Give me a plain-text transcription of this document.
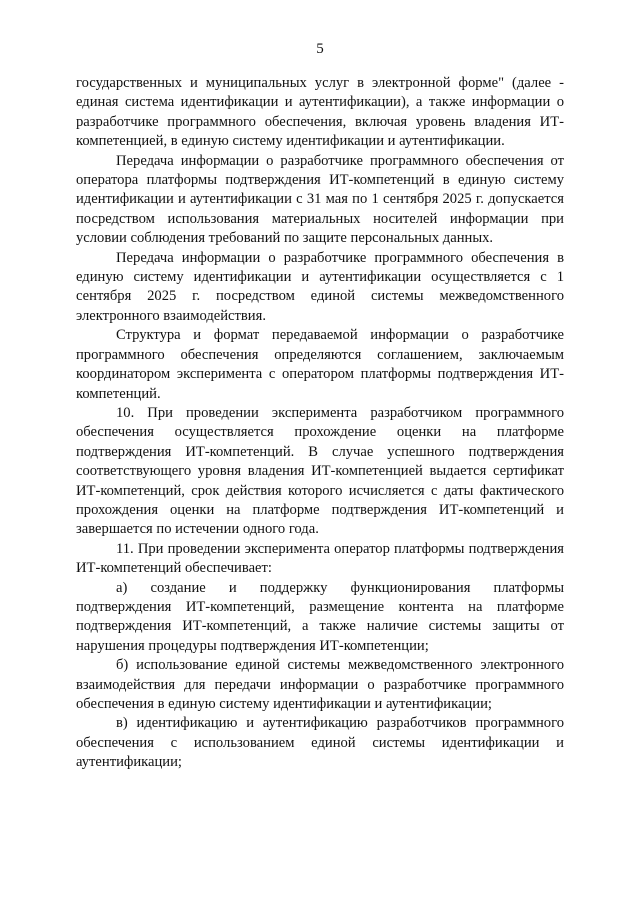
5

государственных и муниципальных услуг в электронной форме" (далее - единая система идентификации и аутентификации), а также информации о разработчике программного обеспечения, включая уровень владения ИТ-компетенцией, в единую систему идентификации и аутентификации.

Передача информации о разработчике программного обеспечения от оператора платформы подтверждения ИТ-компетенций в единую систему идентификации и аутентификации с 31 мая по 1 сентября 2025 г. допускается посредством использования материальных носителей информации при условии соблюдения требований по защите персональных данных.

Передача информации о разработчике программного обеспечения в единую систему идентификации и аутентификации осуществляется с 1 сентября 2025 г. посредством единой системы межведомственного электронного взаимодействия.

Структура и формат передаваемой информации о разработчике программного обеспечения определяются соглашением, заключаемым координатором эксперимента с оператором платформы подтверждения ИТ-компетенций.

10. При проведении эксперимента разработчиком программного обеспечения осуществляется прохождение оценки на платформе подтверждения ИТ-компетенций. В случае успешного подтверждения соответствующего уровня владения ИТ-компетенцией выдается сертификат ИТ-компетенций, срок действия которого исчисляется с даты фактического прохождения оценки на платформе подтверждения ИТ-компетенций и завершается по истечении одного года.

11. При проведении эксперимента оператор платформы подтверждения ИТ-компетенций обеспечивает:

а) создание и поддержку функционирования платформы подтверждения ИТ-компетенций, размещение контента на платформе подтверждения ИТ-компетенций, а также наличие системы защиты от нарушения процедуры подтверждения ИТ-компетенции;

б) использование единой системы межведомственного электронного взаимодействия для передачи информации о разработчике программного обеспечения в единую систему идентификации и аутентификации;

в) идентификацию и аутентификацию разработчиков программного обеспечения с использованием единой системы идентификации и аутентификации;
